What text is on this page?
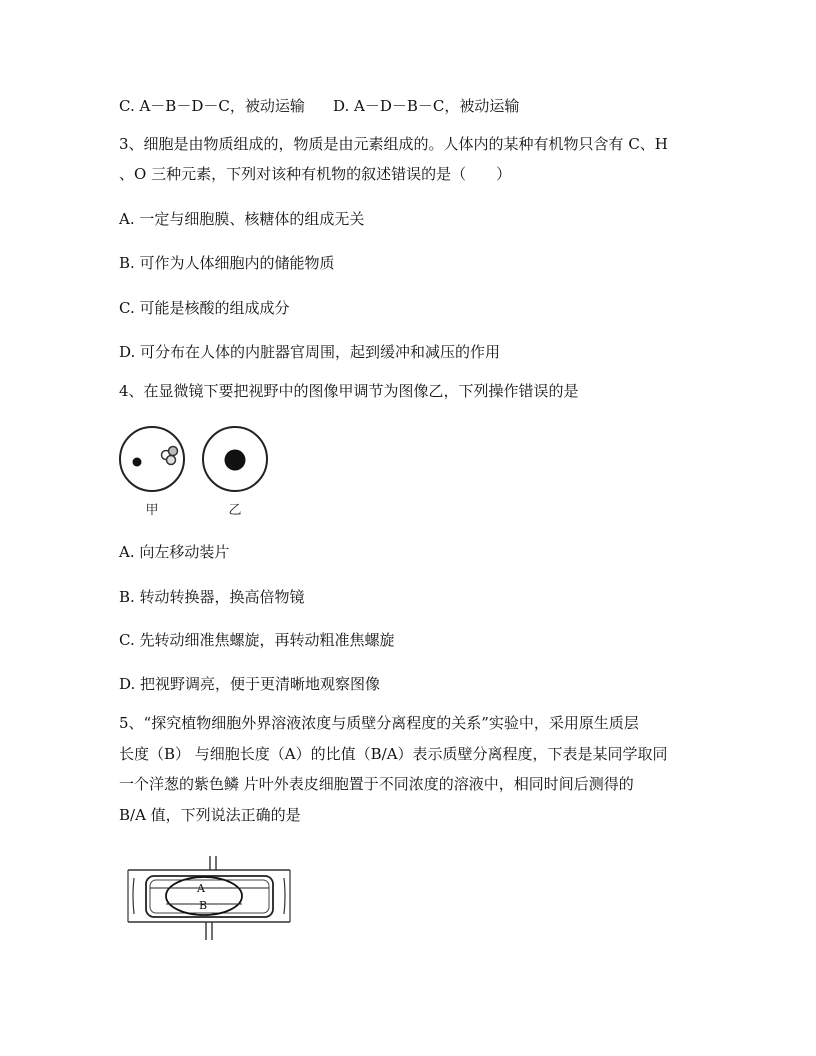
C. A－B－D－C，被动运输 D. A－D－B－C，被动运输
3、细胞是由物质组成的，物质是由元素组成的。人体内的某种有机物只含有 C、H
、O 三种元素，下列对该种有机物的叙述错误的是（　　）
A. 一定与细胞膜、核糖体的组成无关
B. 可作为人体细胞内的储能物质
C. 可能是核酸的组成成分
D. 可分布在人体的内脏器官周围，起到缓冲和减压的作用
4、在显微镜下要把视野中的图像甲调节为图像乙，下列操作错误的是
甲	乙
A. 向左移动装片
B. 转动转换器，换高倍物镜
C. 先转动细准焦螺旋，再转动粗准焦螺旋
D. 把视野调亮，便于更清晰地观察图像
5、“探究植物细胞外界溶液浓度与质壁分离程度的关系”实验中，采用原生质层
长度（B） 与细胞长度（A）的比值（B/A）表示质壁分离程度，下表是某同学取同
一个洋葱的紫色鳞 片叶外表皮细胞置于不同浓度的溶液中，相同时间后测得的
B/A 值，下列说法正确的是
A
B
